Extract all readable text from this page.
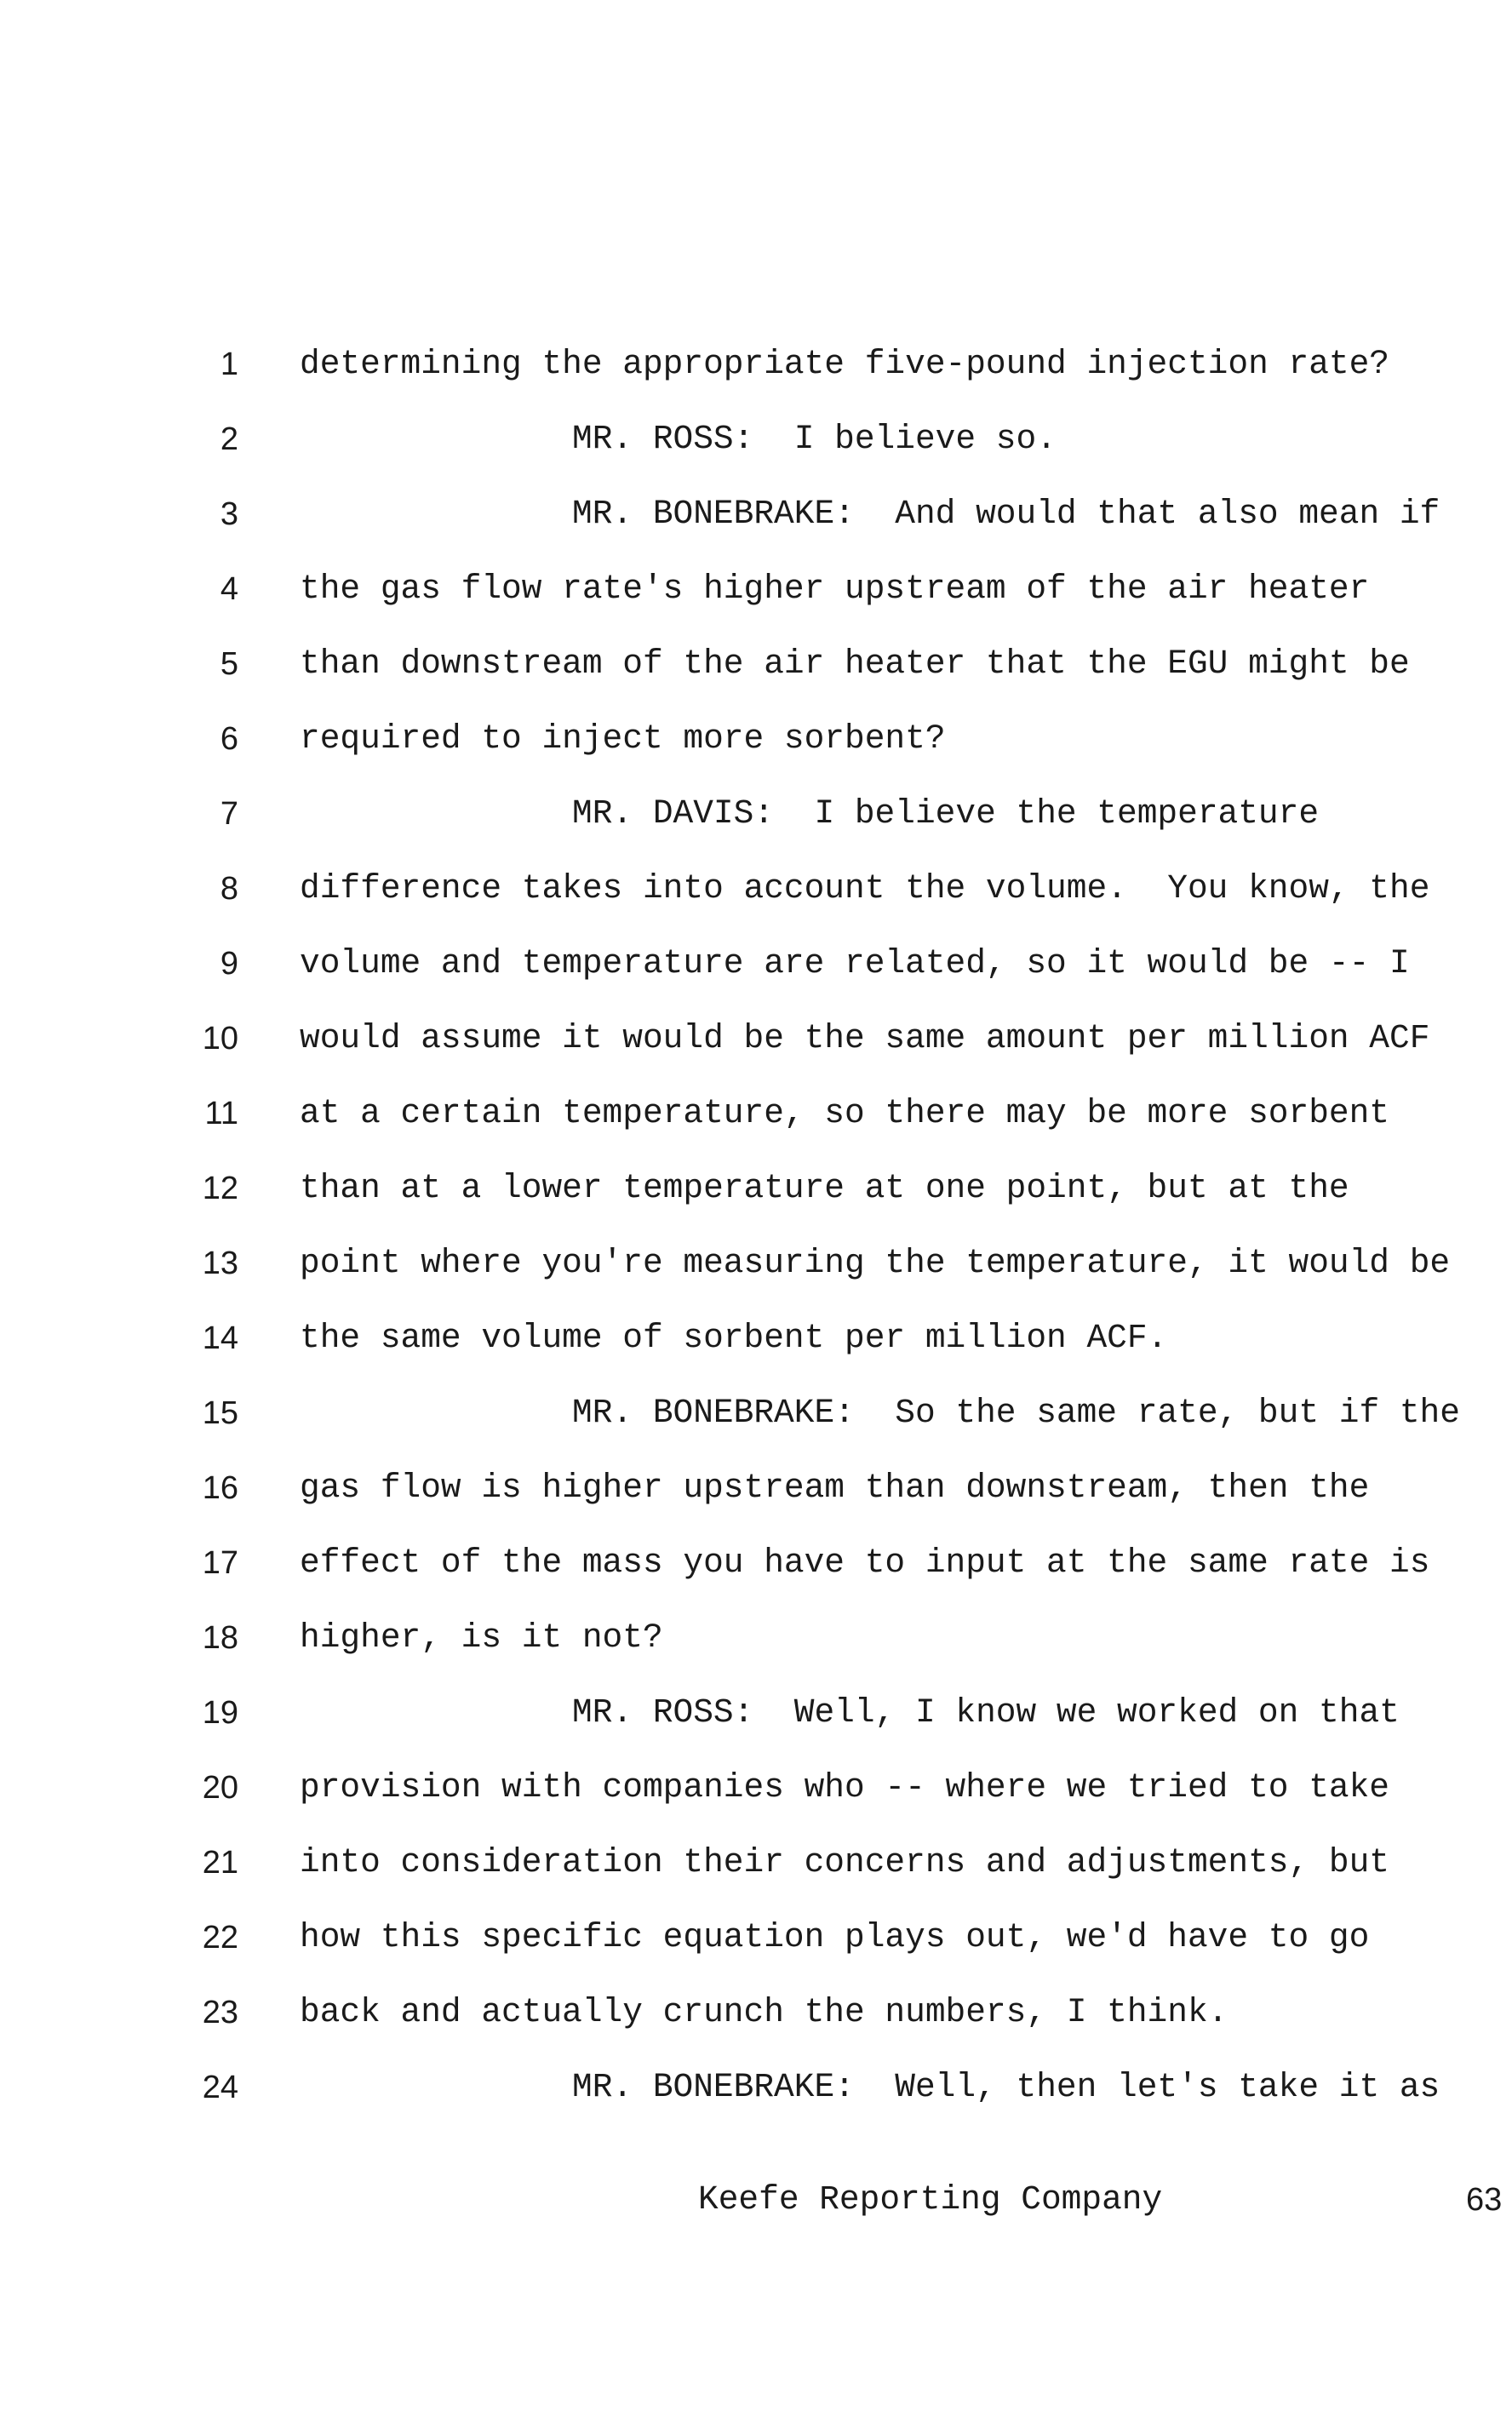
1 determining the appropriate five-pound injection rate?
2	MR. ROSS:  I believe so.
3	MR. BONEBRAKE:  And would that also mean if
4 the gas flow rate's higher upstream of the air heater
5 than downstream of the air heater that the EGU might be
6 required to inject more sorbent?
7	MR. DAVIS:  I believe the temperature
8 difference takes into account the volume.  You know, the
9 volume and temperature are related, so it would be -- I
10 would assume it would be the same amount per million ACF
11 at a certain temperature, so there may be more sorbent
12 than at a lower temperature at one point, but at the
13 point where you're measuring the temperature, it would be
14 the same volume of sorbent per million ACF.
15	MR. BONEBRAKE:  So the same rate, but if the
16 gas flow is higher upstream than downstream, then the
17 effect of the mass you have to input at the same rate is
18 higher, is it not?
19	MR. ROSS:  Well, I know we worked on that
20 provision with companies who -- where we tried to take
21 into consideration their concerns and adjustments, but
22 how this specific equation plays out, we'd have to go
23 back and actually crunch the numbers, I think.
24	MR. BONEBRAKE:  Well, then let's take it as
Keefe Reporting Company	63
